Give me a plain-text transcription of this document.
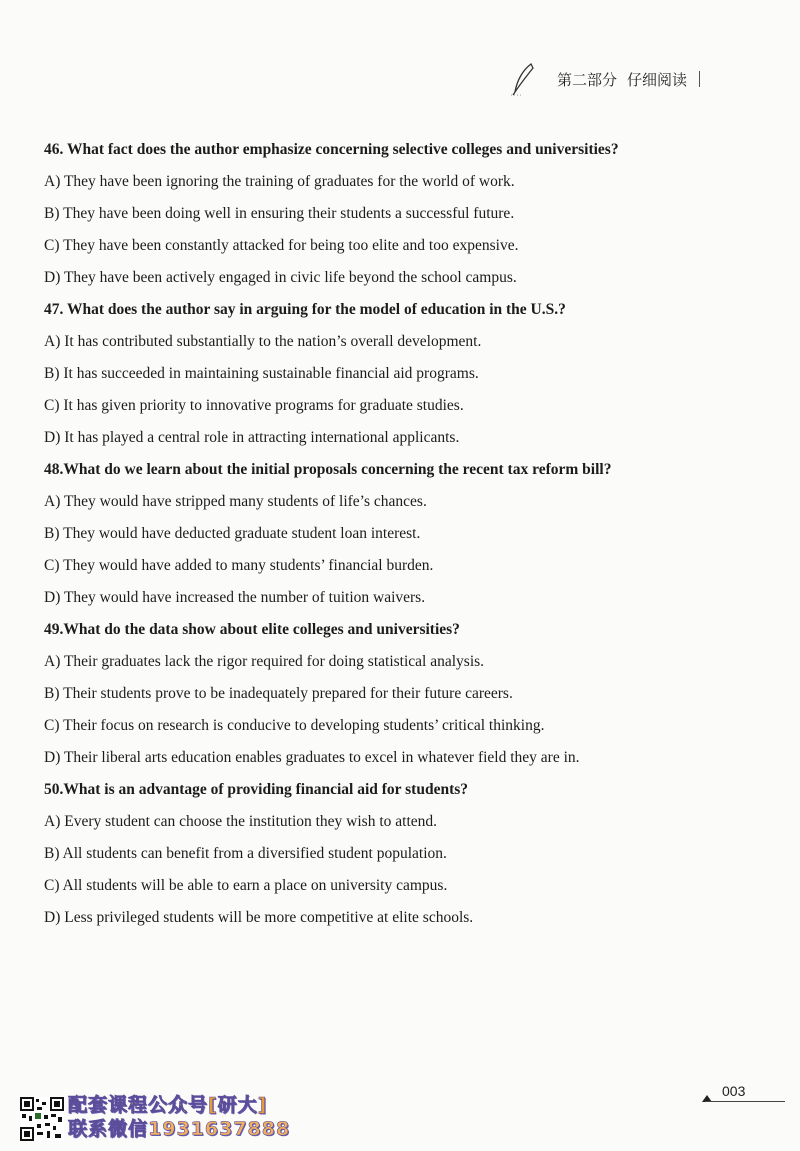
第二部分 仔细阅读
46. What fact does the author emphasize concerning selective colleges and universities?
A) They have been ignoring the training of graduates for the world of work.
B) They have been doing well in ensuring their students a successful future.
C) They have been constantly attacked for being too elite and too expensive.
D) They have been actively engaged in civic life beyond the school campus.
47. What does the author say in arguing for the model of education in the U.S.?
A) It has contributed substantially to the nation’s overall development.
B) It has succeeded in maintaining sustainable financial aid programs.
C) It has given priority to innovative programs for graduate studies.
D) It has played a central role in attracting international applicants.
48.What do we learn about the initial proposals concerning the recent tax reform bill?
A) They would have stripped many students of life’s chances.
B) They would have deducted graduate student loan interest.
C) They would have added to many students’ financial burden.
D) They would have increased the number of tuition waivers.
49.What do the data show about elite colleges and universities?
A) Their graduates lack the rigor required for doing statistical analysis.
B) Their students prove to be inadequately prepared for their future careers.
C) Their focus on research is conducive to developing students’ critical thinking.
D) Their liberal arts education enables graduates to excel in whatever field they are in.
50.What is an advantage of providing financial aid for students?
A) Every student can choose the institution they wish to attend.
B) All students can benefit from a diversified student population.
C) All students will be able to earn a place on university campus.
D) Less privileged students will be more competitive at elite schools.
配套课程公众号[研大]
联系微信1931637888
003
